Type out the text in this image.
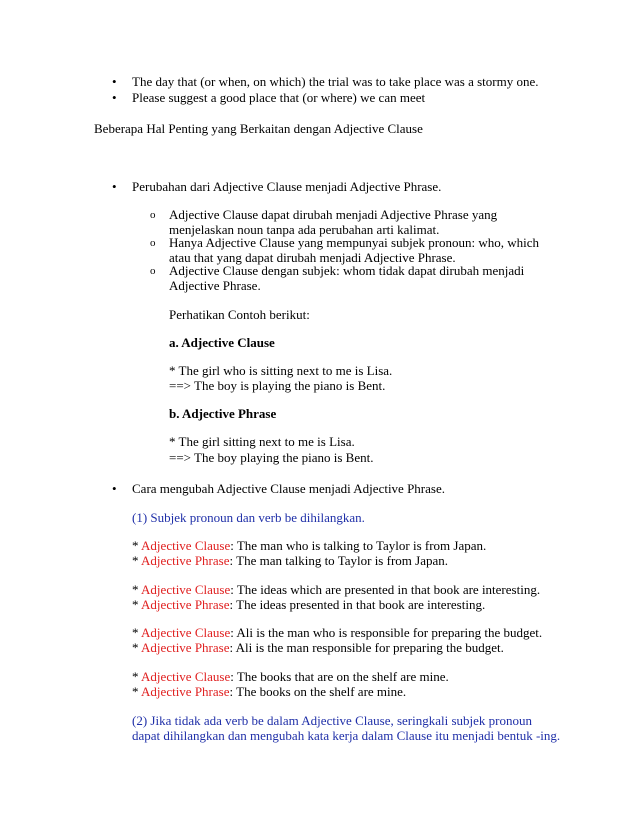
•	The day that (or when, on which) the trial was to take place was a stormy one.

•	Please suggest a good place that (or where) we can meet

Beberapa Hal Penting yang Berkaitan dengan Adjective Clause

•	Perubahan dari Adjective Clause menjadi Adjective Phrase.

o	Adjective Clause dapat dirubah menjadi Adjective Phrase yang

menjelaskan noun tanpa ada perubahan arti kalimat.

o	Hanya Adjective Clause yang mempunyai subjek pronoun: who, which

atau that yang dapat dirubah menjadi Adjective Phrase.

o	Adjective Clause dengan subjek: whom tidak dapat dirubah menjadi

Adjective Phrase.

Perhatikan Contoh berikut:

a. Adjective Clause

* The girl who is sitting next to me is Lisa.

==> The boy is playing the piano is Bent.

b. Adjective Phrase

* The girl sitting next to me is Lisa.

==> The boy playing the piano is Bent.

•	Cara mengubah Adjective Clause menjadi Adjective Phrase.

(1) Subjek pronoun dan verb be dihilangkan.

* Adjective Clause: The man who is talking to Taylor is from Japan.

* Adjective Phrase: The man talking to Taylor is from Japan.

* Adjective Clause: The ideas which are presented in that book are interesting.

* Adjective Phrase: The ideas presented in that book are interesting.

* Adjective Clause: Ali is the man who is responsible for preparing the budget.

* Adjective Phrase: Ali is the man responsible for preparing the budget.

* Adjective Clause: The books that are on the shelf are mine.

* Adjective Phrase: The books on the shelf are mine.

(2) Jika tidak ada verb be dalam Adjective Clause, seringkali subjek pronoun

dapat dihilangkan dan mengubah kata kerja dalam Clause itu menjadi bentuk -ing.
